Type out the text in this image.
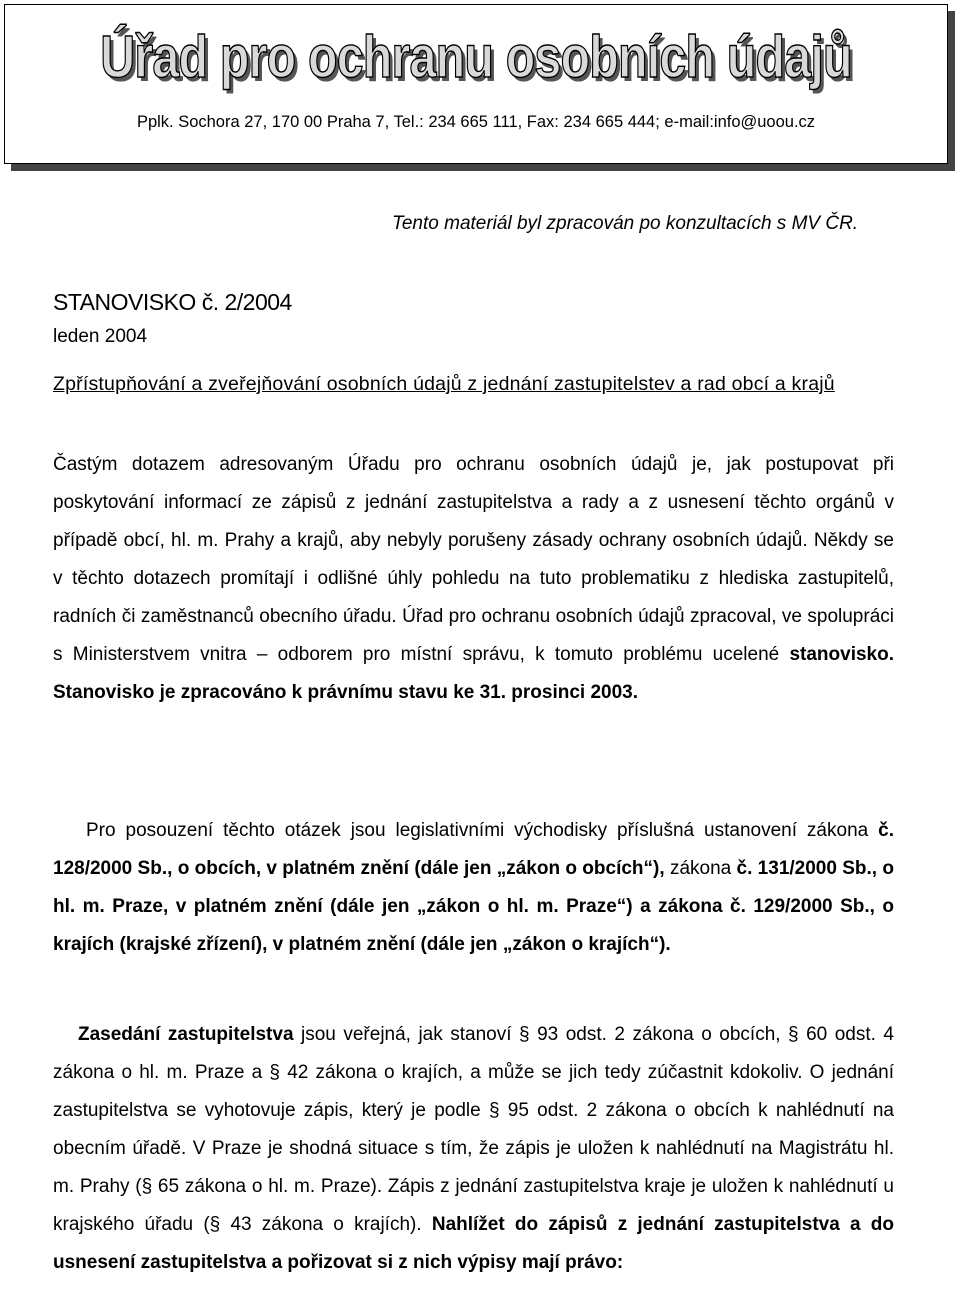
Úřad pro ochranu osobních údajů
Pplk. Sochora 27, 170 00 Praha 7, Tel.: 234 665 111, Fax: 234 665 444; e-mail:info@uoou.cz
Tento materiál byl zpracován po konzultacích s MV ČR.
STANOVISKO č. 2/2004
leden 2004
Zpřístupňování a zveřejňování osobních údajů z jednání zastupitelstev a rad obcí a krajů

Častým dotazem adresovaným Úřadu pro ochranu osobních údajů je, jak postupovat při poskytování informací ze zápisů z jednání zastupitelstva a rady a z usnesení těchto orgánů v případě obcí, hl. m. Prahy a krajů, aby nebyly porušeny zásady ochrany osobních údajů. Někdy se v těchto dotazech promítají i odlišné úhly pohledu na tuto problematiku z hlediska zastupitelů, radních či zaměstnanců obecního úřadu. Úřad pro ochranu osobních údajů zpracoval, ve spolupráci s Ministerstvem vnitra – odborem pro místní správu, k tomuto problému ucelené stanovisko. Stanovisko je zpracováno k právnímu stavu ke 31. prosinci 2003.

Pro posouzení těchto otázek jsou legislativními východisky příslušná ustanovení zákona č. 128/2000 Sb., o obcích, v platném znění (dále jen „zákon o obcích“), zákona č. 131/2000 Sb., o hl. m. Praze, v platném znění (dále jen „zákon o hl. m. Praze“) a zákona č. 129/2000 Sb., o krajích (krajské zřízení), v platném znění (dále jen „zákon o krajích“).

Zasedání zastupitelstva jsou veřejná, jak stanoví § 93 odst. 2 zákona o obcích, § 60 odst. 4 zákona o hl. m. Praze a § 42 zákona o krajích, a může se jich tedy zúčastnit kdokoliv. O jednání zastupitelstva se vyhotovuje zápis, který je podle § 95 odst. 2 zákona o obcích k nahlédnutí na obecním úřadě. V Praze je shodná situace s tím, že zápis je uložen k nahlédnutí na Magistrátu hl. m. Prahy (§ 65 zákona o hl. m. Praze). Zápis z jednání zastupitelstva kraje je uložen k nahlédnutí u krajského úřadu (§ 43 zákona o krajích). Nahlížet do zápisů z jednání zastupitelstva a do usnesení zastupitelstva a pořizovat si z nich výpisy mají právo:
